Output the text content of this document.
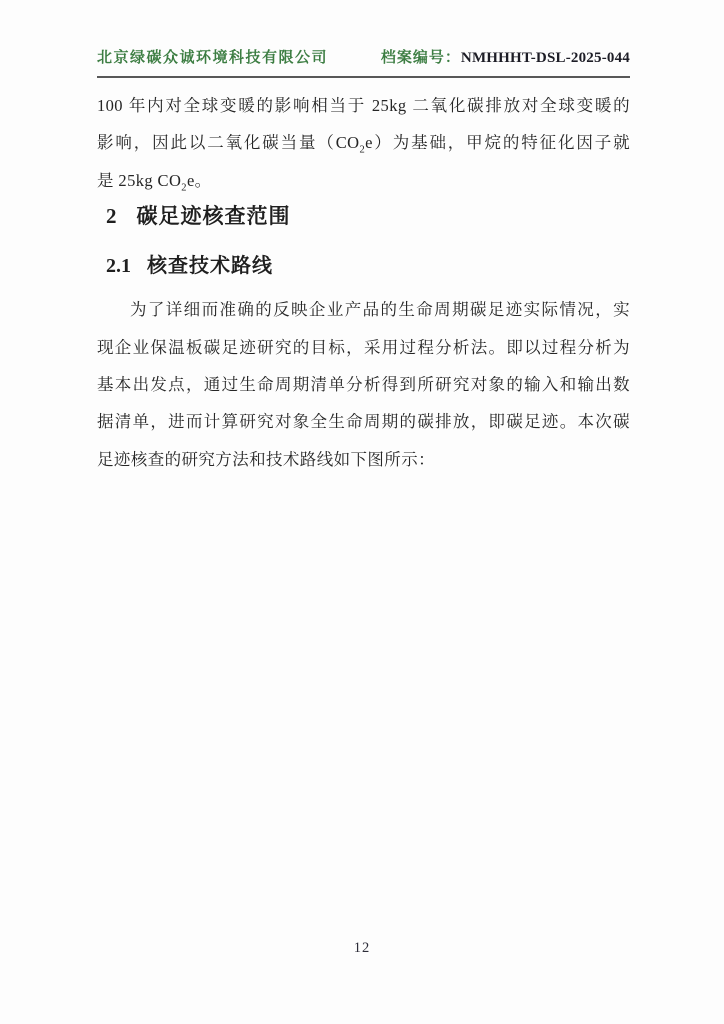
北京绿碳众诚环境科技有限公司	档案编号：NMHHHT-DSL-2025-044
100 年内对全球变暖的影响相当于 25kg 二氧化碳排放对全球变暖的
影响，因此以二氧化碳当量$(CO_2e)$为基础，甲烷的特征化因子就
是 25kg $CO_2e$。
2 碳足迹核查范围
2.1 核查技术路线
为了详细而准确的反映企业产品的生命周期碳足迹实际情况，实
现企业保温板碳足迹研究的目标，采用过程分析法。即以过程分析为
基本出发点，通过生命周期清单分析得到所研究对象的输入和输出数
据清单，进而计算研究对象全生命周期的碳排放，即碳足迹。本次碳
足迹核查的研究方法和技术路线如下图所示：
12
